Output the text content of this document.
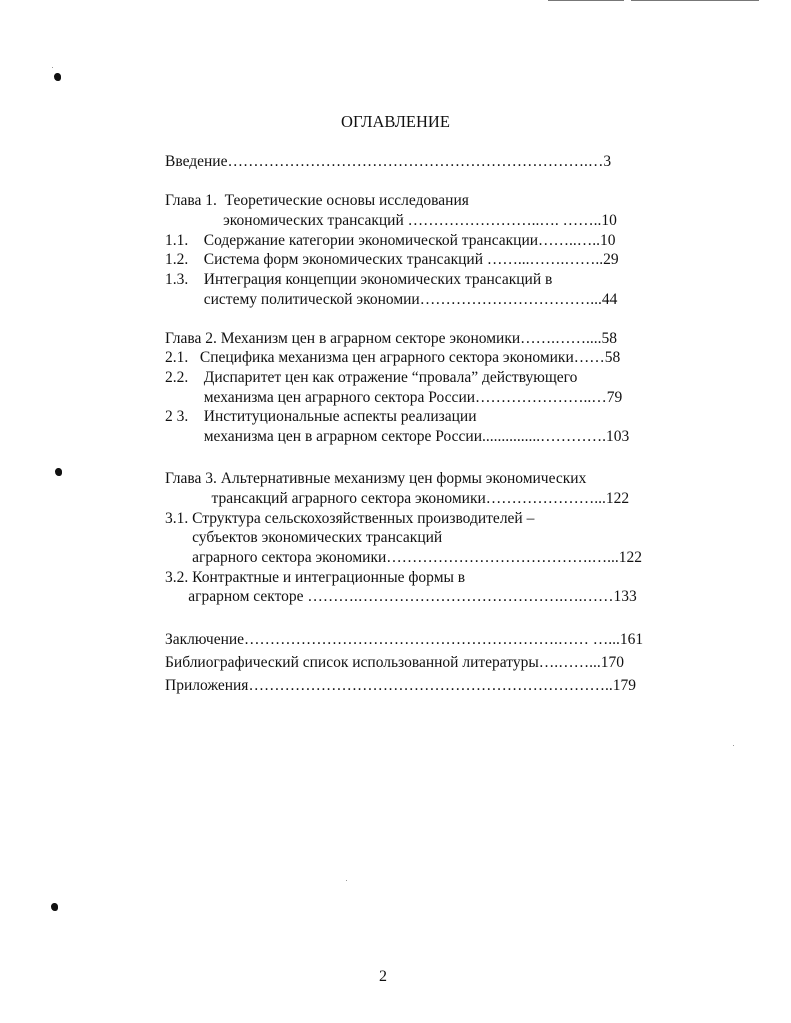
ОГЛАВЛЕНИЕ
Введение…………………………………………………………….…3
Глава 1.  Теоретические основы исследования
экономических трансакций ……………………..…. ……..10
1.1.    Содержание категории экономической трансакции……..…..10
1.2.    Система форм экономических трансакций ……...…….……..29
1.3.    Интеграция концепции экономических трансакций в
систему политической экономии……………………………...44
Глава 2. Механизм цен в аграрном секторе экономики…….……....58
2.1.   Специфика механизма цен аграрного сектора экономики……58
2.2.    Диспаритет цен как отражение “провала” действующего
механизма цен аграрного сектора России…………………..…79
2 3.    Институциональные аспекты реализации
механизма цен в аграрном секторе России...............………….103
Глава 3. Альтернативные механизму цен формы экономических
трансакций аграрного сектора экономики…………………...122
3.1. Структура сельскохозяйственных производителей –
субъектов экономических трансакций
аграрного сектора экономики………………………………….…...122
3.2. Контрактные и интеграционные формы в
аграрном секторе ……….………………………………….….……133
Заключение…………………………………………………….…… …...161
Библиографический список использованной литературы….……...170
Приложения……………………………………………………………..179
2
